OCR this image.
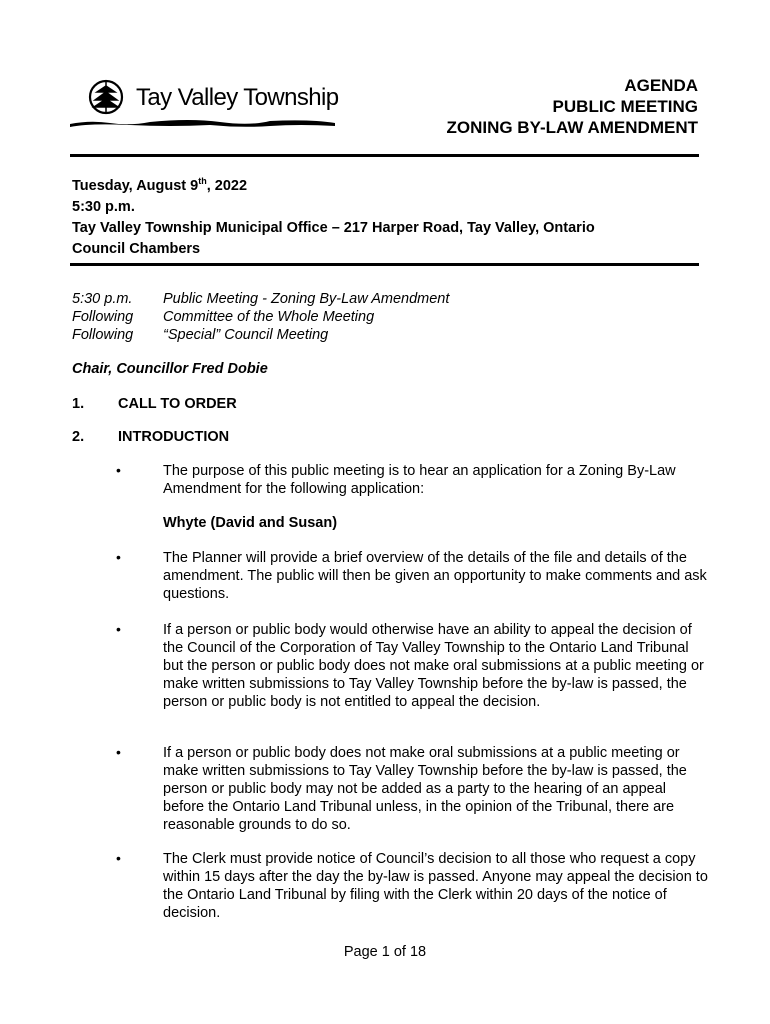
Tay Valley Township	AGENDA
PUBLIC MEETING
ZONING BY-LAW AMENDMENT
Tuesday, August 9th, 2022
5:30 p.m.
Tay Valley Township Municipal Office – 217 Harper Road, Tay Valley, Ontario
Council Chambers
5:30 p.m.	Public Meeting - Zoning By-Law Amendment
Following	Committee of the Whole Meeting
Following	“Special” Council Meeting
Chair, Councillor Fred Dobie
1.	CALL TO ORDER
2.	INTRODUCTION
•	The purpose of this public meeting is to hear an application for a Zoning By-Law Amendment for the following application:
Whyte (David and Susan)
•	The Planner will provide a brief overview of the details of the file and details of the amendment. The public will then be given an opportunity to make comments and ask questions.
•	If a person or public body would otherwise have an ability to appeal the decision of the Council of the Corporation of Tay Valley Township to the Ontario Land Tribunal but the person or public body does not make oral submissions at a public meeting or make written submissions to Tay Valley Township before the by-law is passed, the person or public body is not entitled to appeal the decision.
•	If a person or public body does not make oral submissions at a public meeting or make written submissions to Tay Valley Township before the by-law is passed, the person or public body may not be added as a party to the hearing of an appeal before the Ontario Land Tribunal unless, in the opinion of the Tribunal, there are reasonable grounds to do so.
•	The Clerk must provide notice of Council’s decision to all those who request a copy within 15 days after the day the by-law is passed. Anyone may appeal the decision to the Ontario Land Tribunal by filing with the Clerk within 20 days of the notice of decision.
Page 1 of 18
